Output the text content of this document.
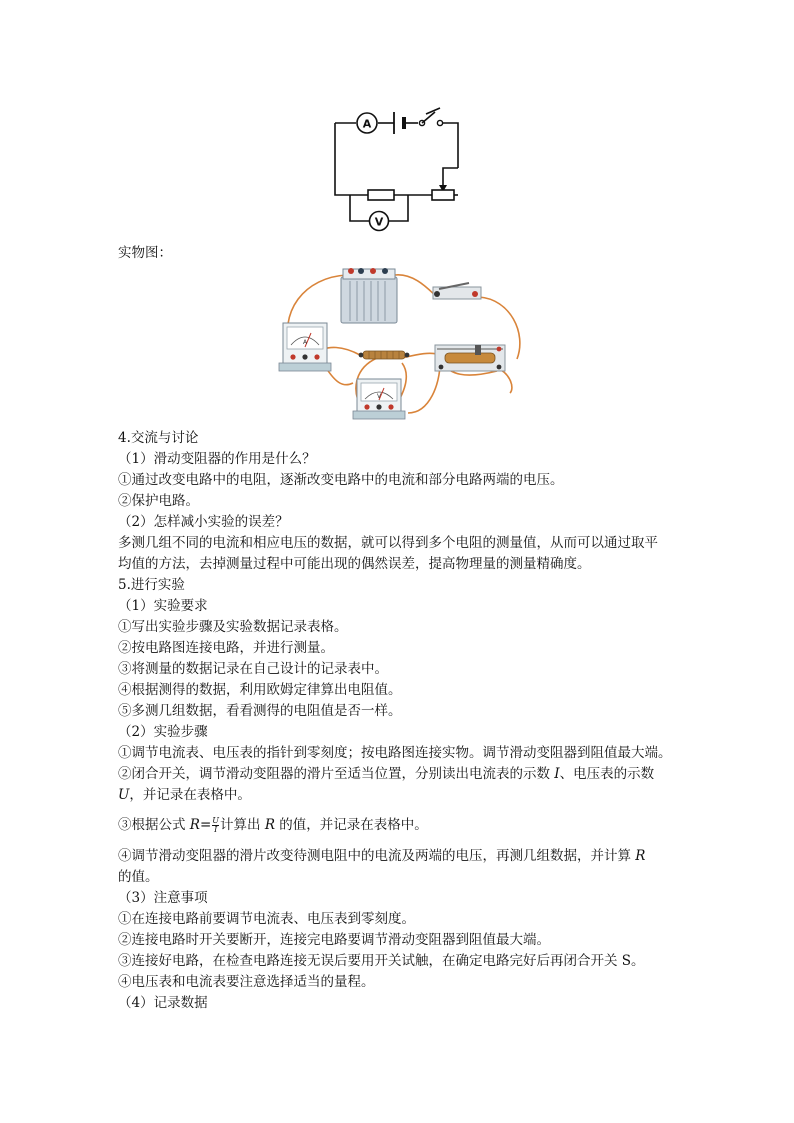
A
V
实物图：
A
V
4.交流与讨论
（1）滑动变阻器的作用是什么？
①通过改变电路中的电阻，逐渐改变电路中的电流和部分电路两端的电压。
②保护电路。
（2）怎样减小实验的误差？
多测几组不同的电流和相应电压的数据，就可以得到多个电阻的测量值，从而可以通过取平
均值的方法，去掉测量过程中可能出现的偶然误差，提高物理量的测量精确度。
5.进行实验
（1）实验要求
①写出实验步骤及实验数据记录表格。
②按电路图连接电路，并进行测量。
③将测量的数据记录在自己设计的记录表中。
④根据测得的数据，利用欧姆定律算出电阻值。
⑤多测几组数据，看看测得的电阻值是否一样。
（2）实验步骤
①调节电流表、电压表的指针到零刻度；按电路图连接实物。调节滑动变阻器到阻值最大端。
②闭合开关，调节滑动变阻器的滑片至适当位置，分别读出电流表的示数 I、电压表的示数
U，并记录在表格中。
③根据公式 $R= \frac{U}{I}$ 计算出 R 的值，并记录在表格中。
④调节滑动变阻器的滑片改变待测电阻中的电流及两端的电压，再测几组数据，并计算 R
的值。
（3）注意事项
①在连接电路前要调节电流表、电压表到零刻度。
②连接电路时开关要断开，连接完电路要调节滑动变阻器到阻值最大端。
③连接好电路，在检查电路连接无误后要用开关试触，在确定电路完好后再闭合开关 S。
④电压表和电流表要注意选择适当的量程。
（4）记录数据
